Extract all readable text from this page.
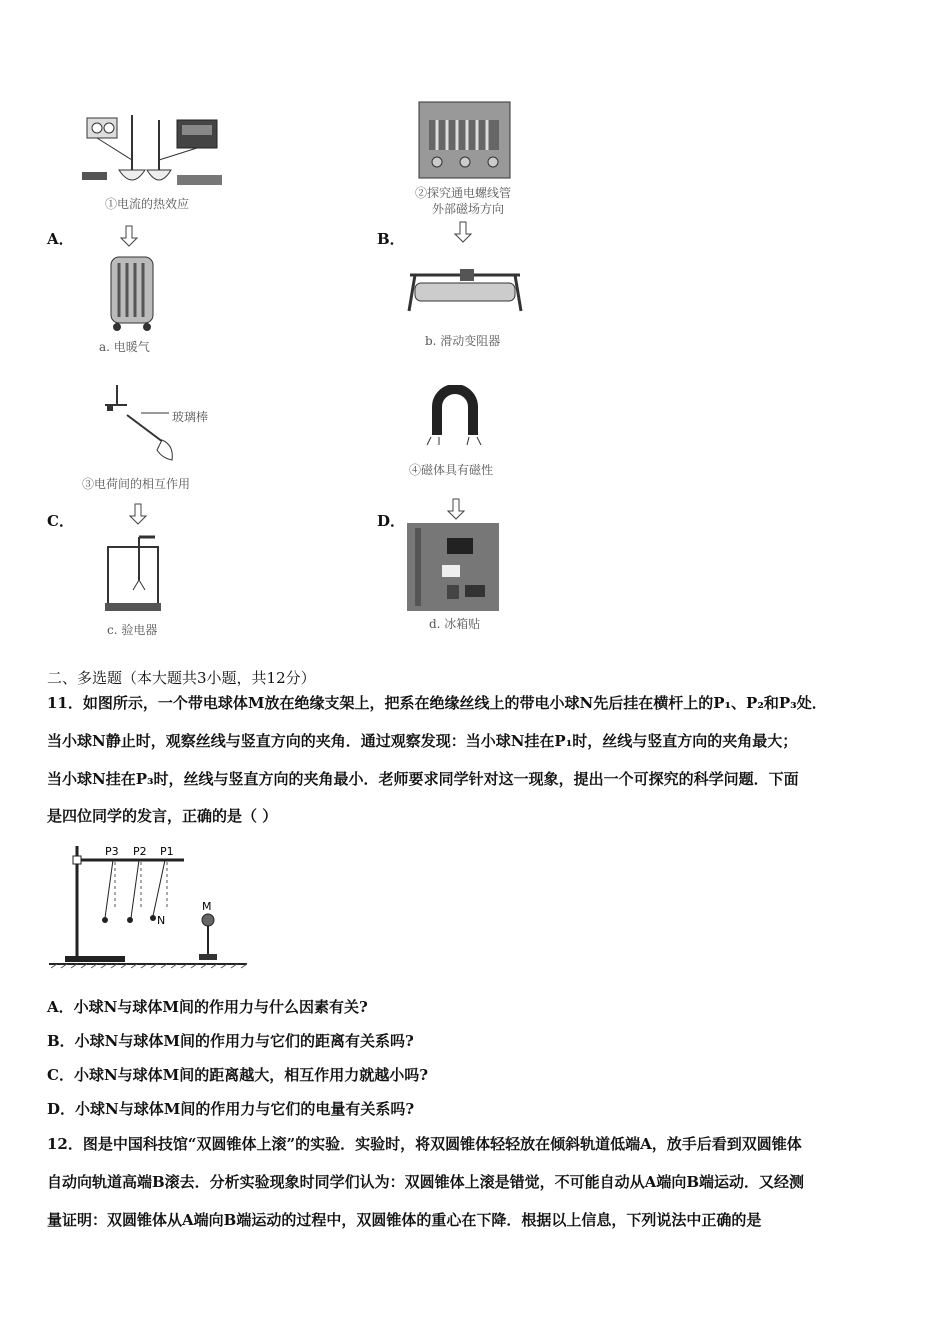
A．
①电流的热效应
a. 电暖气
B．
②探究通电螺线管
外部磁场方向
b. 滑动变阻器
C．
玻璃棒
③电荷间的相互作用
c. 验电器
D．
④磁体具有磁性
d. 冰箱贴
二、多选题（本大题共3小题，共12分）
11．如图所示，一个带电球体M放在绝缘支架上，把系在绝缘丝线上的带电小球N先后挂在横杆上的P₁、P₂和P₃处．
当小球N静止时，观察丝线与竖直方向的夹角．通过观察发现：当小球N挂在P₁时，丝线与竖直方向的夹角最大；
当小球N挂在P₃时，丝线与竖直方向的夹角最小．老师要求同学针对这一现象，提出一个可探究的科学问题．下面
是四位同学的发言，正确的是（ ）
P3 P2 P1
N
M
A．小球N与球体M间的作用力与什么因素有关?
B．小球N与球体M间的作用力与它们的距离有关系吗?
C．小球N与球体M间的距离越大，相互作用力就越小吗?
D．小球N与球体M间的作用力与它们的电量有关系吗?
12．图是中国科技馆“双圆锥体上滚”的实验．实验时，将双圆锥体轻轻放在倾斜轨道低端A，放手后看到双圆锥体
自动向轨道高端B滚去．分析实验现象时同学们认为：双圆锥体上滚是错觉，不可能自动从A端向B端运动．又经测
量证明：双圆锥体从A端向B端运动的过程中，双圆锥体的重心在下降．根据以上信息，下列说法中正确的是
